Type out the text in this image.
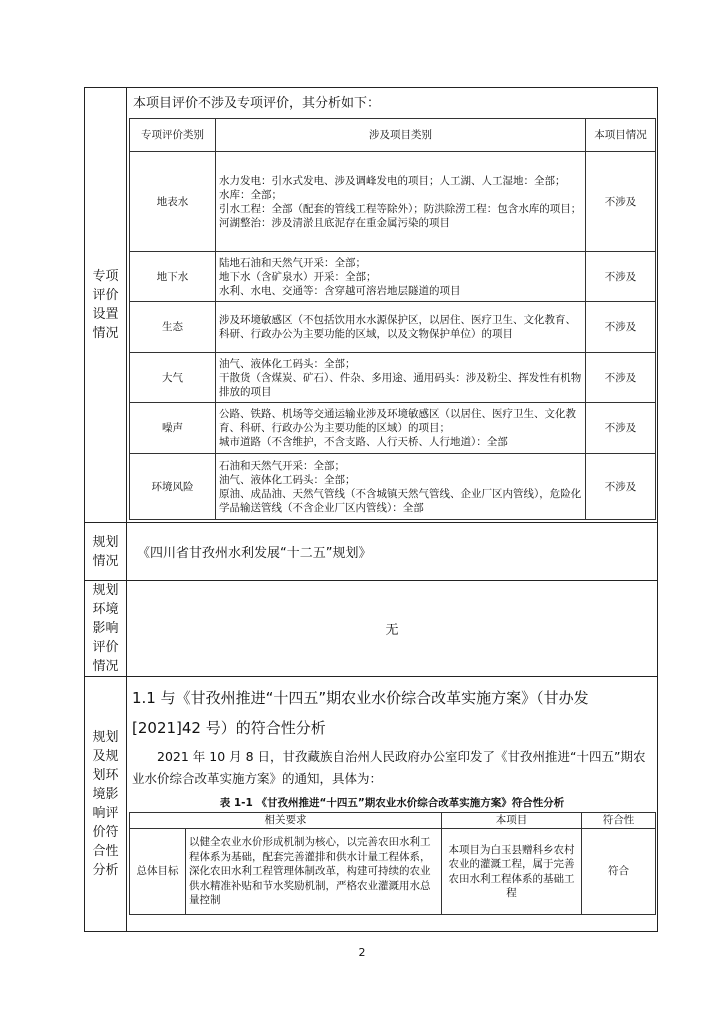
专项评价设置情况
本项目评价不涉及专项评价，其分析如下：
专项评价类别	涉及项目类别	本项目情况
地表水	水力发电：引水式发电、涉及调峰发电的项目；人工湖、人工湿地：全部；
水库：全部；
引水工程：全部（配套的管线工程等除外）；防洪除涝工程：包含水库的项目；
河湖整治：涉及清淤且底泥存在重金属污染的项目	不涉及
地下水	陆地石油和天然气开采：全部；
地下水（含矿泉水）开采：全部；
水利、水电、交通等：含穿越可溶岩地层隧道的项目	不涉及
生态	涉及环境敏感区（不包括饮用水水源保护区，以居住、医疗卫生、文化教育、科研、行政办公为主要功能的区域，以及文物保护单位）的项目	不涉及
大气	油气、液体化工码头：全部；
干散货（含煤炭、矿石）、件杂、多用途、通用码头：涉及粉尘、挥发性有机物排放的项目	不涉及
噪声	公路、铁路、机场等交通运输业涉及环境敏感区（以居住、医疗卫生、文化教育、科研、行政办公为主要功能的区域）的项目；
城市道路（不含维护，不含支路、人行天桥、人行地道）：全部	不涉及
环境风险	石油和天然气开采：全部；
油气、液体化工码头：全部；
原油、成品油、天然气管线（不含城镇天然气管线、企业厂区内管线），危险化学品输送管线（不含企业厂区内管线）：全部	不涉及
规划情况	《四川省甘孜州水利发展“十二五”规划》
规划环境影响评价情况
无
规划及规划环境影响评价符合性分析
1.1 与《甘孜州推进“十四五”期农业水价综合改革实施方案》（甘办发[2021]42 号）的符合性分析
2021 年 10 月 8 日，甘孜藏族自治州人民政府办公室印发了《甘孜州推进“十四五”期农业水价综合改革实施方案》的通知，具体为：
表 1-1 《甘孜州推进“十四五”期农业水价综合改革实施方案》符合性分析
相关要求		本项目	符合性
总体目标	以健全农业水价形成机制为核心，以完善农田水利工程体系为基础，配套完善灌排和供水计量工程体系，深化农田水利工程管理体制改革，构建可持续的农业供水精准补贴和节水奖励机制，严格农业灌溉用水总量控制	本项目为白玉县赠科乡农村农业的灌溉工程，属于完善农田水利工程体系的基础工程	符合
2
